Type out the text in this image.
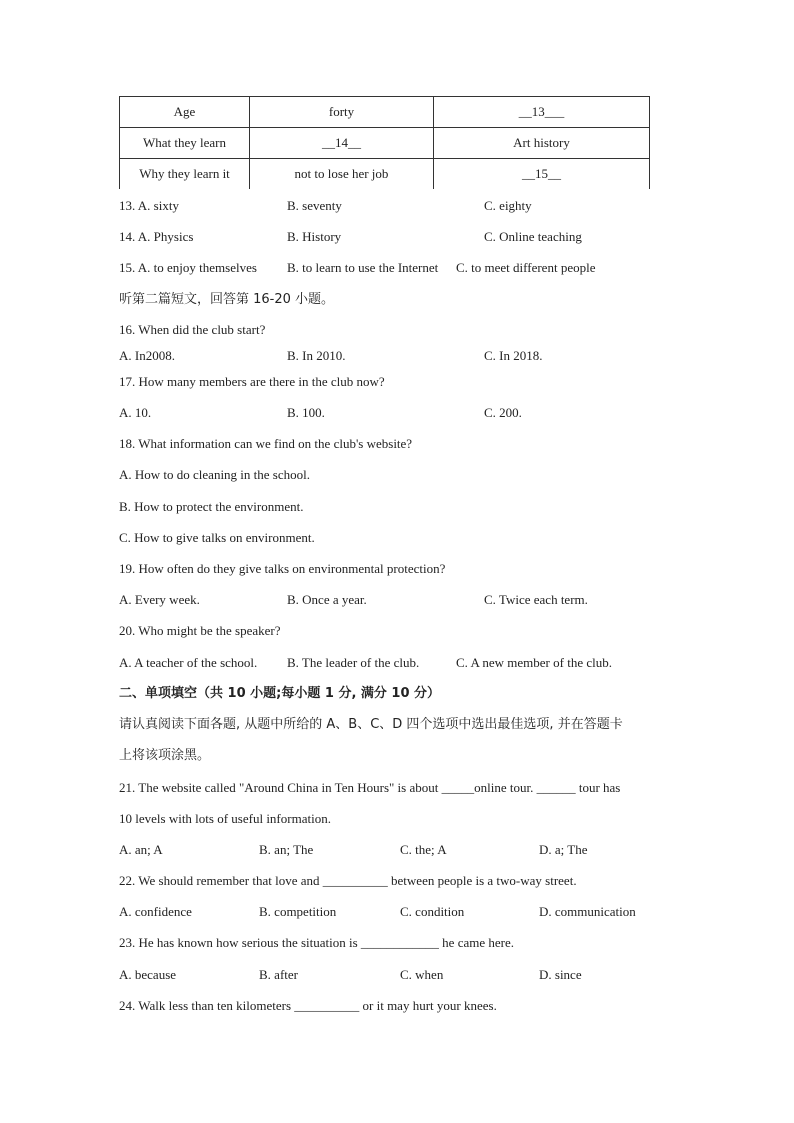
Age	forty	__13___
What they learn	__14__	Art history
Why they learn it	not to lose her job	__15__
13. A. sixty	B. seventy	C. eighty
14. A. Physics	B. History	C. Online teaching
15. A. to enjoy themselves B. to learn to use the Internet C. to meet different people
听第二篇短文，回答第 16-20 小题。
16. When did the club start?
A. In2008.	B. In 2010.	C. In 2018.
17. How many members are there in the club now?
A. 10.	B. 100.	C. 200.
18. What information can we find on the club's website?
A. How to do cleaning in the school.
B. How to protect the environment.
C. How to give talks on environment.
19. How often do they give talks on environmental protection?
A. Every week.	B. Once a year.	C. Twice each term.
20. Who might be the speaker?
A. A teacher of the school. B. The leader of the club.	C. A new member of the club.
二、单项填空（共 10 小题;每小题 1 分, 满分 10 分）
请认真阅读下面各题, 从题中所给的 A、B、C、D 四个选项中选出最佳选项, 并在答题卡
上将该项涂黑。
21. The website called "Around China in Ten Hours" is about _____online tour. ______ tour has
10 levels with lots of useful information.
A. an; A	B. an; The	C. the; A	D. a; The
22. We should remember that love and __________ between people is a two-way street.
A. confidence	B. competition	C. condition	D. communication
23. He has known how serious the situation is ____________ he came here.
A. because	B. after	C. when	D. since
24. Walk less than ten kilometers __________ or it may hurt your knees.
